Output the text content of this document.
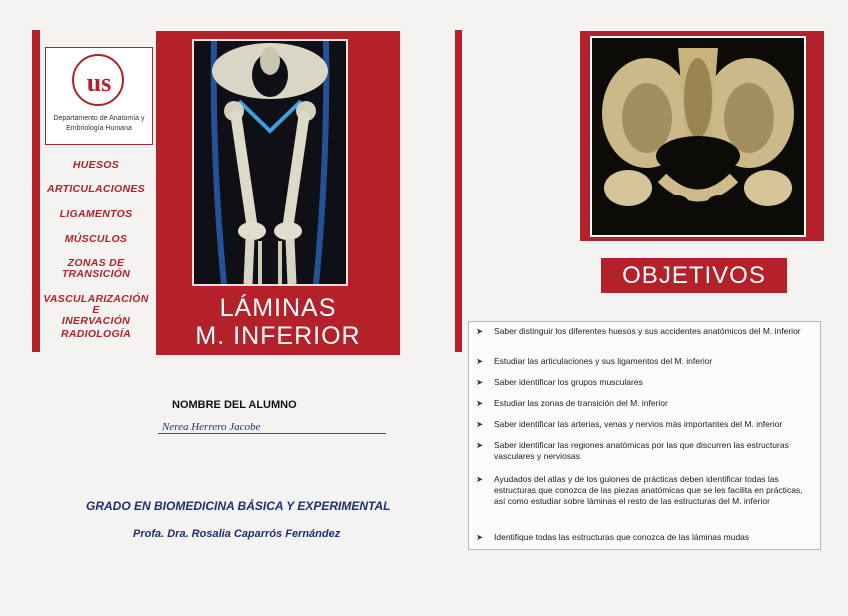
us
Departamento de Anatomía y
Embriología Humana
HUESOS
ARTICULACIONES
LIGAMENTOS
MÚSCULOS
ZONAS DE
TRANSICIÓN
VASCULARIZACIÓN E
INERVACIÓN
RADIOLOGÍA
LÁMINAS
M. INFERIOR
NOMBRE DEL ALUMNO
Nerea Herrero Jacobe
GRADO EN BIOMEDICINA BÁSICA Y EXPERIMENTAL
Profa. Dra. Rosalia Caparrós Fernández
OBJETIVOS
➤ Saber distinguir los diferentes huesos y sus accidentes anatómicos del M. inferior
➤ Estudiar las articulaciones y sus ligamentos del M. inferior
➤ Saber identificar los grupos musculares
➤ Estudiar las zonas de transición del M. inferior
➤ Saber identificar las arterias, venas y nervios más importantes del M. inferior
➤ Saber identificar las regiones anatómicas por las que discurren las estructuras vasculares y nerviosas
➤ Ayudados del atlas y de los guiones de prácticas deben identificar todas las estructuras que conozca de las piezas anatómicas que se les facilita en prácticas, así como estudiar sobre láminas el resto de las estructuras del M. inferior
➤ Identifique todas las estructuras que conozca de las láminas mudas
